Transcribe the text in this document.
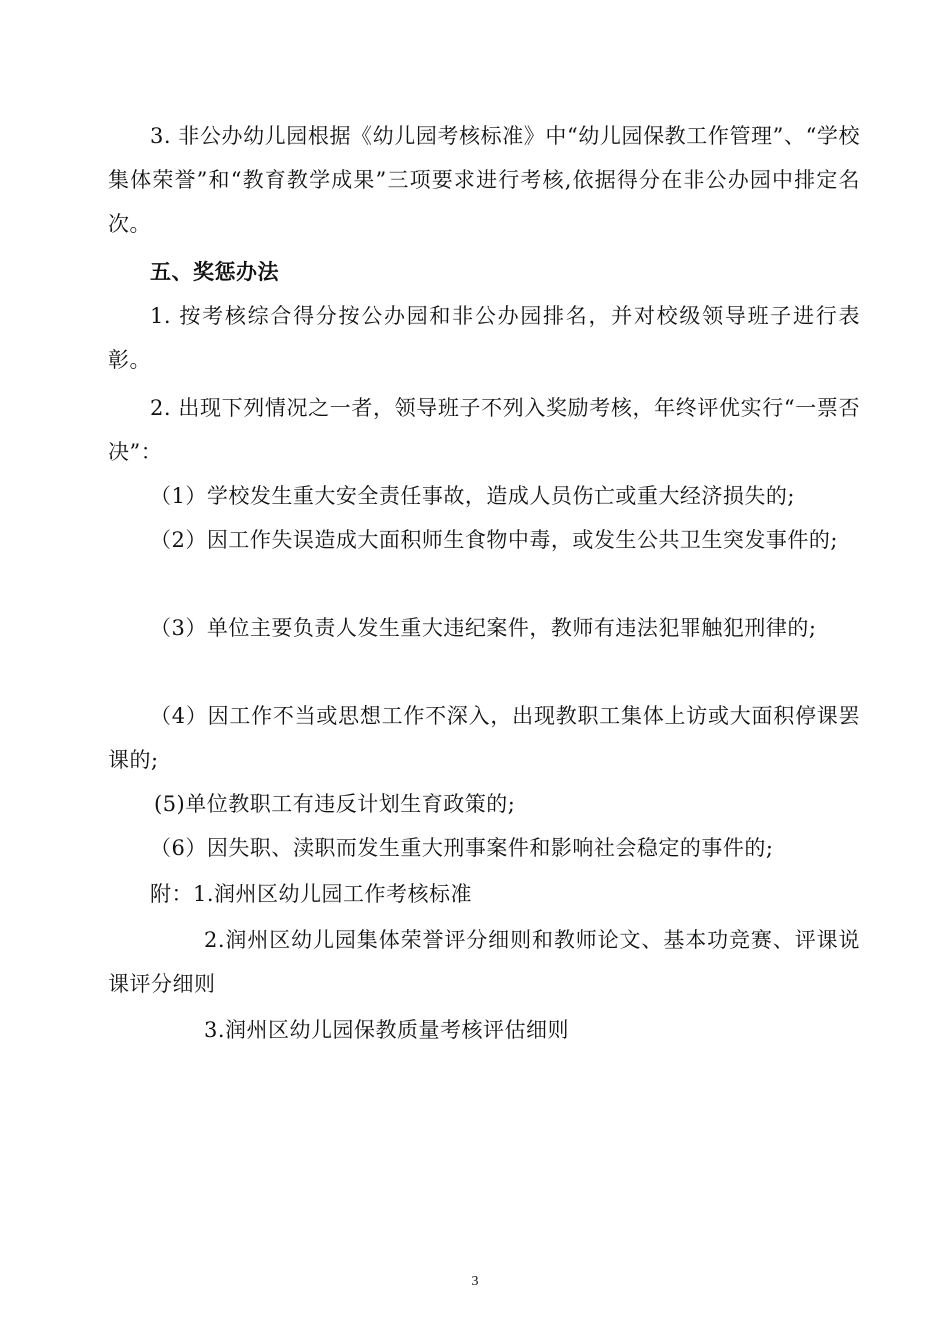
3. 非公办幼儿园根据《幼儿园考核标准》中“幼儿园保教工作管理”、“学校集体荣誉”和“教育教学成果”三项要求进行考核,依据得分在非公办园中排定名次。

五、奖惩办法

1. 按考核综合得分按公办园和非公办园排名，并对校级领导班子进行表彰。

2. 出现下列情况之一者，领导班子不列入奖励考核，年终评优实行“一票否决”：

（1）学校发生重大安全责任事故，造成人员伤亡或重大经济损失的;

（2）因工作失误造成大面积师生食物中毒，或发生公共卫生突发事件的;

（3）单位主要负责人发生重大违纪案件，教师有违法犯罪触犯刑律的;

（4）因工作不当或思想工作不深入，出现教职工集体上访或大面积停课罢课的;

(5)单位教职工有违反计划生育政策的;

（6）因失职、渎职而发生重大刑事案件和影响社会稳定的事件的;

附：1.润州区幼儿园工作考核标准

2.润州区幼儿园集体荣誉评分细则和教师论文、基本功竞赛、评课说课评分细则

3.润州区幼儿园保教质量考核评估细则

3
